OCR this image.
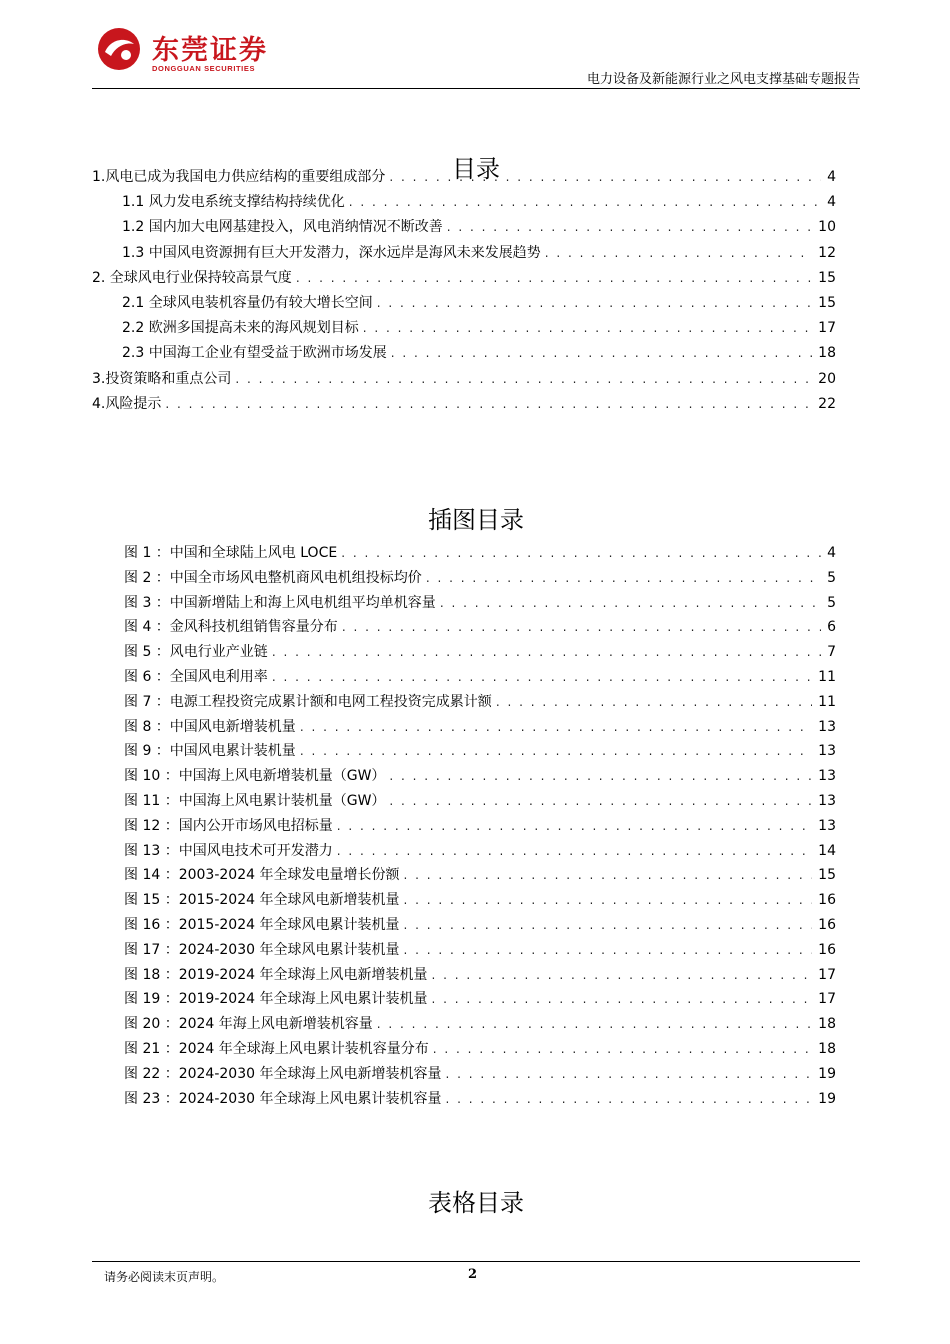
东莞证券
DONGGUAN SECURITIES
电力设备及新能源行业之风电支撑基础专题报告
目录
1.风电已成为我国电力供应结构的重要组成部分 . . .	4
1.1 风力发电系统支撑结构持续优化 . . .	4
1.2 国内加大电网基建投入，风电消纳情况不断改善 . . .	10
1.3 中国风电资源拥有巨大开发潜力，深水远岸是海风未来发展趋势 . . .	12
2. 全球风电行业保持较高景气度 . . .	15
2.1 全球风电装机容量仍有较大增长空间 . . .	15
2.2 欧洲多国提高未来的海风规划目标 . . .	17
2.3 中国海工企业有望受益于欧洲市场发展 . . .	18
3.投资策略和重点公司 . . .	20
4.风险提示 . . .	22
插图目录
图 1 ：中国和全球陆上风电 LOCE . . .	4
图 2 ：中国全市场风电整机商风电机组投标均价 . . .	5
图 3 ：中国新增陆上和海上风电机组平均单机容量 . . .	5
图 4 ：金风科技机组销售容量分布 . . .	6
图 5 ：风电行业产业链 . . .	7
图 6 ：全国风电利用率 . . .	11
图 7 ：电源工程投资完成累计额和电网工程投资完成累计额 . . .	11
图 8 ：中国风电新增装机量 . . .	13
图 9 ：中国风电累计装机量 . . .	13
图 10 ：中国海上风电新增装机量（GW） . . .	13
图 11 ：中国海上风电累计装机量（GW） . . .	13
图 12 ：国内公开市场风电招标量 . . .	13
图 13 ：中国风电技术可开发潜力 . . .	14
图 14 ：2003-2024 年全球发电量增长份额 . . .	15
图 15 ：2015-2024 年全球风电新增装机量 . . .	16
图 16 ：2015-2024 年全球风电累计装机量 . . .	16
图 17 ：2024-2030 年全球风电累计装机量 . . .	16
图 18 ：2019-2024 年全球海上风电新增装机量 . . .	17
图 19 ：2019-2024 年全球海上风电累计装机量 . . .	17
图 20 ：2024 年海上风电新增装机容量 . . .	18
图 21 ：2024 年全球海上风电累计装机容量分布 . . .	18
图 22 ：2024-2030 年全球海上风电新增装机容量 . . .	19
图 23 ：2024-2030 年全球海上风电累计装机容量 . . .	19
表格目录
请务必阅读末页声明。	2
